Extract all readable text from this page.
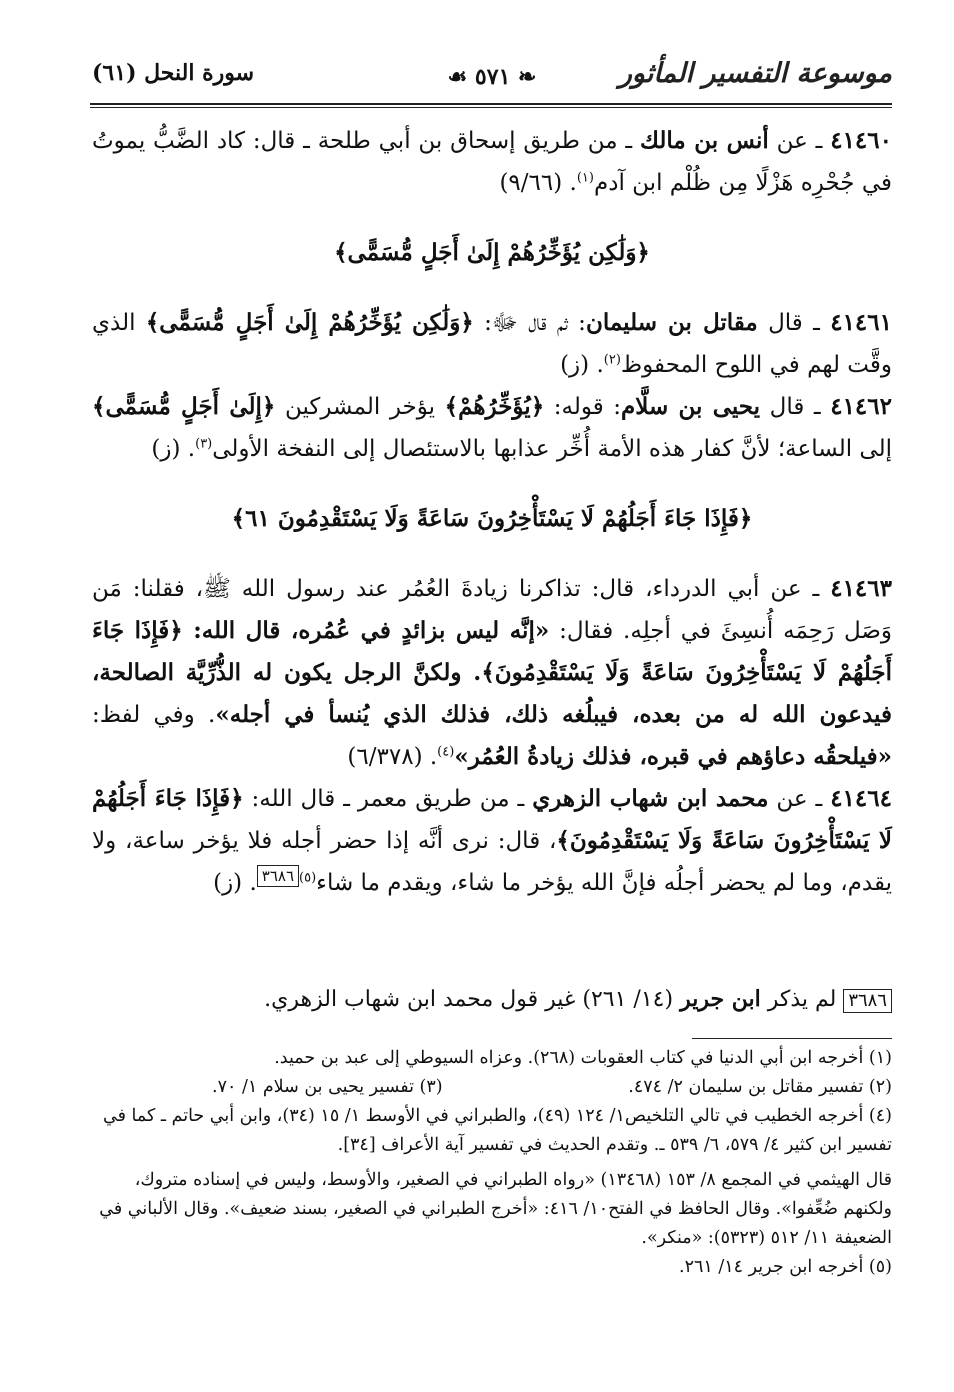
موسوعة التفسير المأثور
❧ ٥٧١ ☙
سورة النحل (٦١)

٤١٤٦٠ ـ عن أنس بن مالك ـ من طريق إسحاق بن أبي طلحة ـ قال: كاد الضَّبُّ يموتُ في جُحْرِه هَزْلًا مِن ظُلْم ابن آدم$^{(١)}$. (٩/٦٦)

﴿وَلَٰكِن يُؤَخِّرُهُمْ إِلَىٰ أَجَلٍ مُّسَمًّى﴾

٤١٤٦١ ـ قال مقاتل بن سليمان: ثم قال ﷻ: ﴿وَلَٰكِن يُؤَخِّرُهُمْ إِلَىٰ أَجَلٍ مُّسَمًّى﴾ الذي وقَّت لهم في اللوح المحفوظ$^{(٢)}$. (ز)

٤١٤٦٢ ـ قال يحيى بن سلَّام: قوله: ﴿يُؤَخِّرُهُمْ﴾ يؤخر المشركين ﴿إِلَىٰ أَجَلٍ مُّسَمًّى﴾ إلى الساعة؛ لأنَّ كفار هذه الأمة أُخِّر عذابها بالاستئصال إلى النفخة الأولى$^{(٣)}$. (ز)

﴿فَإِذَا جَاءَ أَجَلُهُمْ لَا يَسْتَأْخِرُونَ سَاعَةً وَلَا يَسْتَقْدِمُونَ ٦١﴾

٤١٤٦٣ ـ عن أبي الدرداء، قال: تذاكرنا زيادةَ العُمُر عند رسول الله ﷺ، فقلنا: مَن وَصَل رَحِمَه أُنسِئَ في أجلِه. فقال: «إنَّه ليس بزائدٍ في عُمُره، قال الله: ﴿فَإِذَا جَاءَ أَجَلُهُمْ لَا يَسْتَأْخِرُونَ سَاعَةً وَلَا يَسْتَقْدِمُونَ﴾. ولكنَّ الرجل يكون له الذُّرِّيَّة الصالحة، فيدعون الله له من بعده، فيبلُغه ذلك، فذلك الذي يُنسأ في أجله». وفي لفظ: «فيلحقُه دعاؤهم في قبره، فذلك زيادةُ العُمُر»$^{(٤)}$. (٦/٣٧٨)

٤١٤٦٤ ـ عن محمد ابن شهاب الزهري ـ من طريق معمر ـ قال الله: ﴿فَإِذَا جَاءَ أَجَلُهُمْ لَا يَسْتَأْخِرُونَ سَاعَةً وَلَا يَسْتَقْدِمُونَ﴾، قال: نرى أنَّه إذا حضر أجله فلا يؤخر ساعة، ولا يقدم، وما لم يحضر أجلُه فإنَّ الله يؤخر ما شاء، ويقدم ما شاء$^{(٥)}$٣٦٨٦. (ز)

٣٦٨٦ لم يذكر ابن جرير (١٤/ ٢٦١) غير قول محمد ابن شهاب الزهري.

(١) أخرجه ابن أبي الدنيا في كتاب العقوبات (٢٦٨). وعزاه السيوطي إلى عبد بن حميد.

(٢) تفسير مقاتل بن سليمان ٢/ ٤٧٤.
(٣) تفسير يحيى بن سلام ١/ ٧٠.

(٤) أخرجه الخطيب في تالي التلخيص١/ ١٢٤ (٤٩)، والطبراني في الأوسط ١/ ١٥ (٣٤)، وابن أبي حاتم ـ كما في تفسير ابن كثير ٤/ ٥٧٩، ٦/ ٥٣٩ ـ. وتقدم الحديث في تفسير آية الأعراف [٣٤].

قال الهيثمي في المجمع ٨/ ١٥٣ (١٣٤٦٨) «رواه الطبراني في الصغير، والأوسط، وليس في إسناده متروك، ولكنهم ضُعِّفوا». وقال الحافظ في الفتح١٠/ ٤١٦: «أخرج الطبراني في الصغير، بسند ضعيف». وقال الألباني في الضعيفة ١١/ ٥١٢ (٥٣٢٣): «منكر».

(٥) أخرجه ابن جرير ١٤/ ٢٦١.
